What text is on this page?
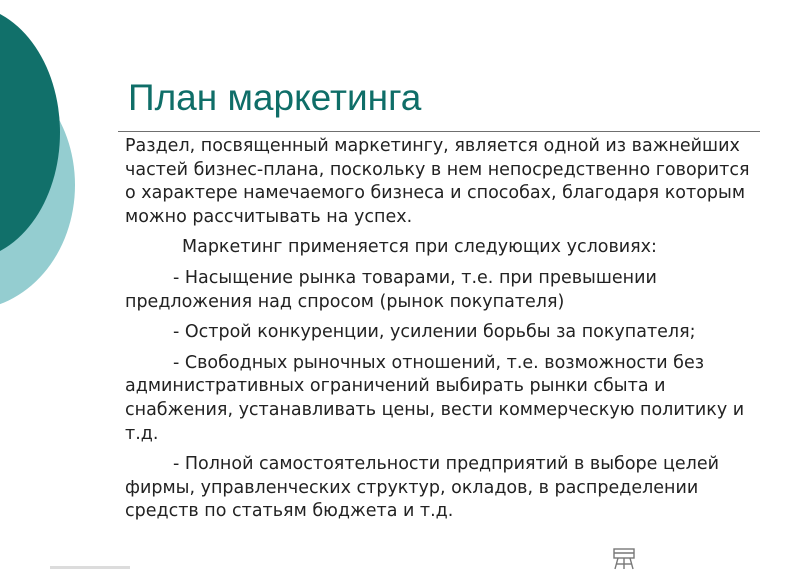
План маркетинга

Раздел, посвященный маркетингу, является одной из важнейших частей бизнес-плана, поскольку в нем непосредственно говорится о характере намечаемого бизнеса и способах, благодаря которым можно рассчитывать на успех.

Маркетинг применяется при следующих условиях:

- Насыщение рынка товарами, т.е. при превышении предложения над спросом (рынок покупателя)

- Острой конкуренции, усилении борьбы за покупателя;

- Свободных рыночных отношений, т.е. возможности без административных ограничений выбирать рынки сбыта и снабжения, устанавливать цены, вести коммерческую политику и т.д.

- Полной самостоятельности предприятий в выборе целей фирмы, управленческих структур, окладов, в распределении средств по статьям бюджета и т.д.
